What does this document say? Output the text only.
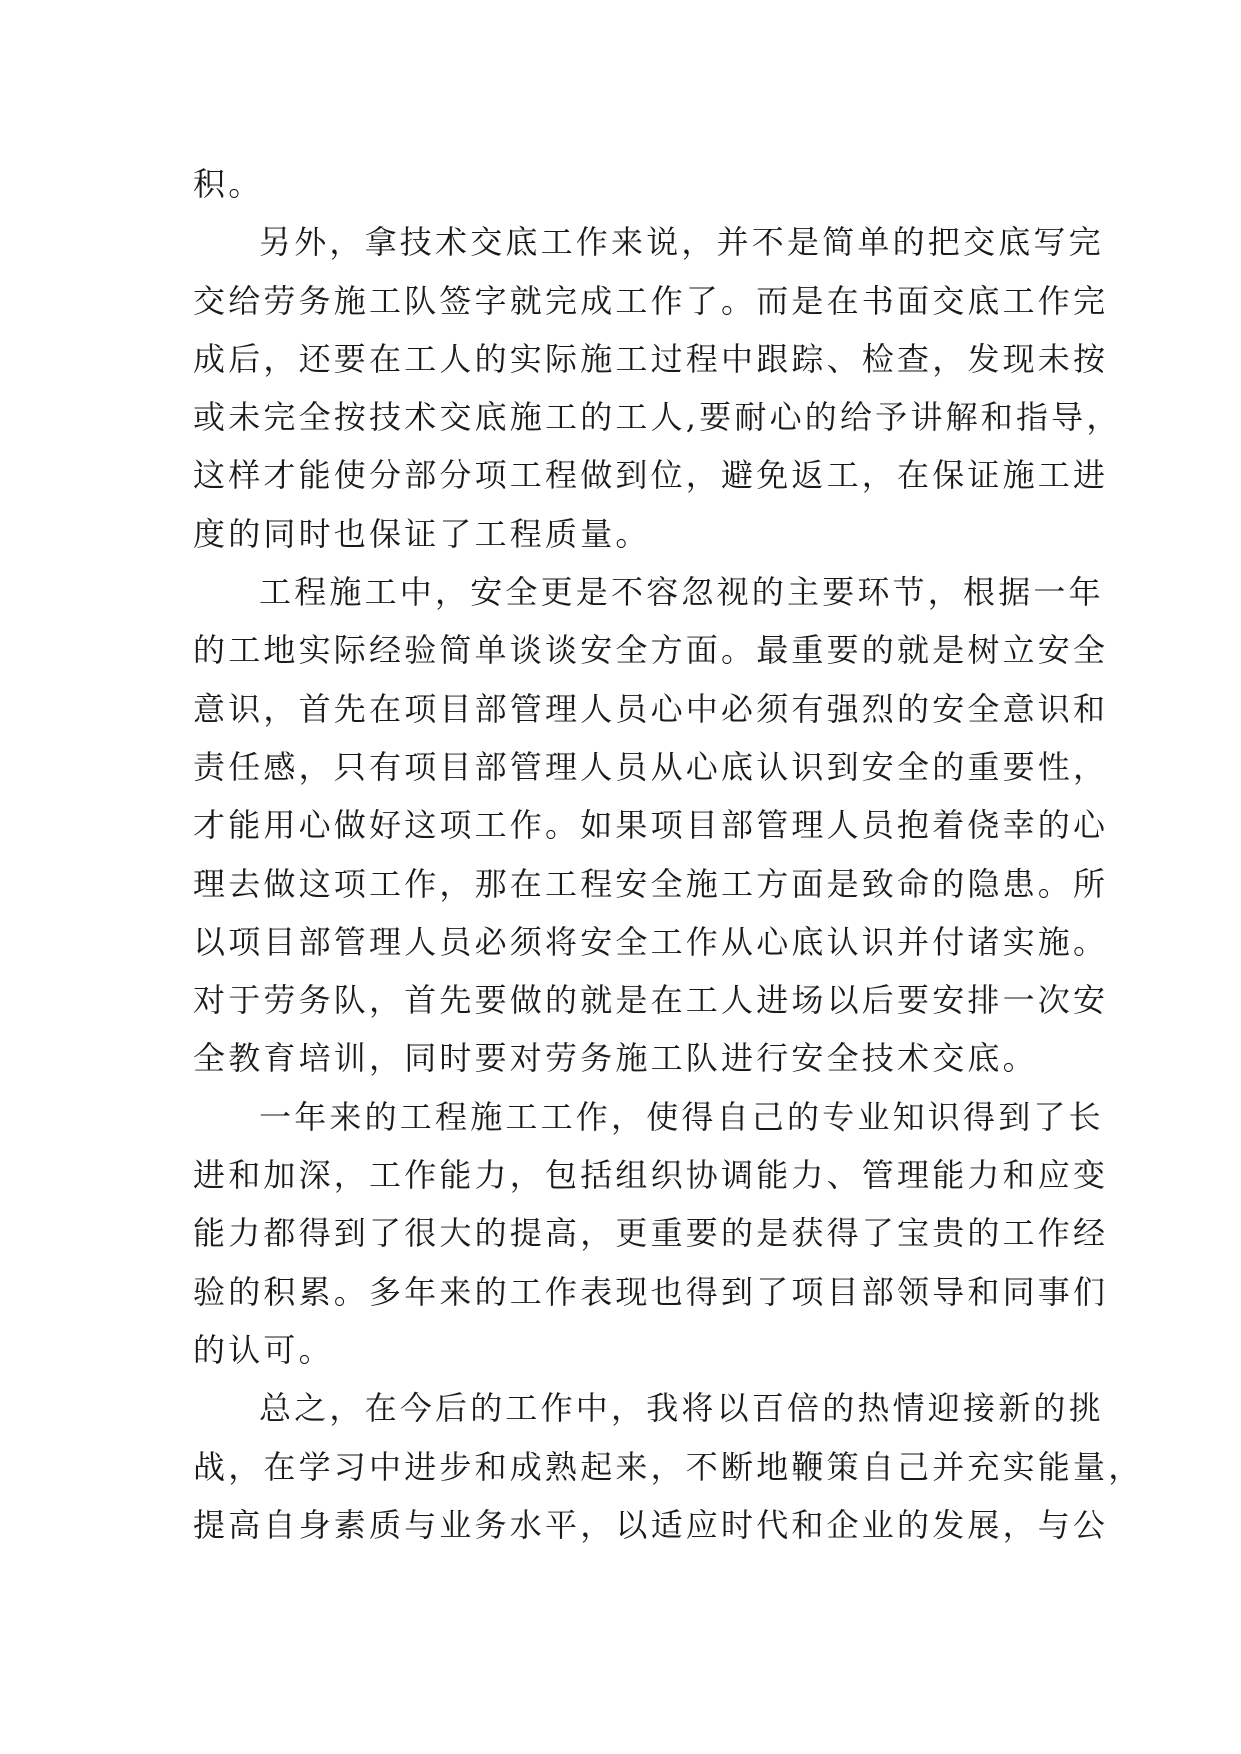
积。
另外，拿技术交底工作来说，并不是简单的把交底写完
交给劳务施工队签字就完成工作了。而是在书面交底工作完
成后，还要在工人的实际施工过程中跟踪、检查，发现未按
或未完全按技术交底施工的工人,要耐心的给予讲解和指导，
这样才能使分部分项工程做到位，避免返工，在保证施工进
度的同时也保证了工程质量。
工程施工中，安全更是不容忽视的主要环节，根据一年
的工地实际经验简单谈谈安全方面。最重要的就是树立安全
意识，首先在项目部管理人员心中必须有强烈的安全意识和
责任感，只有项目部管理人员从心底认识到安全的重要性，
才能用心做好这项工作。如果项目部管理人员抱着侥幸的心
理去做这项工作，那在工程安全施工方面是致命的隐患。所
以项目部管理人员必须将安全工作从心底认识并付诸实施。
对于劳务队，首先要做的就是在工人进场以后要安排一次安
全教育培训，同时要对劳务施工队进行安全技术交底。
一年来的工程施工工作，使得自己的专业知识得到了长
进和加深，工作能力，包括组织协调能力、管理能力和应变
能力都得到了很大的提高，更重要的是获得了宝贵的工作经
验的积累。多年来的工作表现也得到了项目部领导和同事们
的认可。
总之，在今后的工作中，我将以百倍的热情迎接新的挑
战，在学习中进步和成熟起来，不断地鞭策自己并充实能量，
提高自身素质与业务水平，以适应时代和企业的发展，与公
